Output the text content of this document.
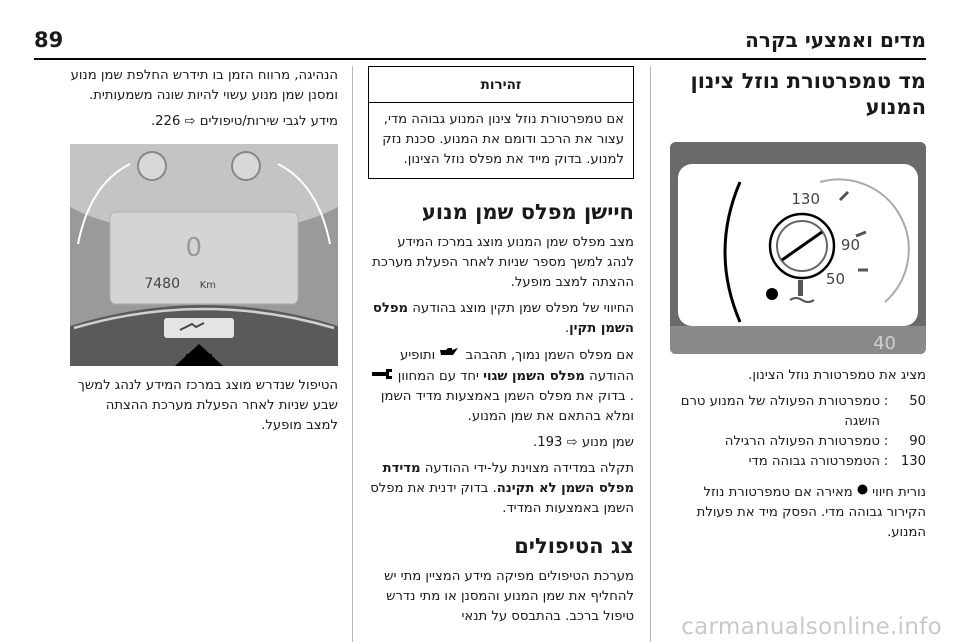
89	מדים ואמצעי בקרה
מד טמפרטורת נוזל צינון המנוע
130
90
50
40

מציג את טמפרטורת נוזל הצינון.

50
:
טמפרטורת הפעולה של המנוע טרם הושגה
90
:
טמפרטורת הפעולה הרגילה
130
:
הטמפרטורה גבוהה מדי

נורית חיווי  מאירה אם טמפרטורת נוזל הקירור גבוהה מדי. הפסק מיד את פעולת המנוע.

זהירות
אם טמפרטורת נוזל צינון המנוע גבוהה מדי, עצור את הרכב ודומם את המנוע. סכנת נזק למנוע. בדוק מייד את מפלס נוזל הצינון.
חיישן מפלס שמן מנוע

מצב מפלס שמן המנוע מוצג במרכז המידע לנהג למשך מספר שניות לאחר הפעלת מערכת ההצתה למצב מופעל.

החיווי של מפלס שמן תקין מוצג בהודעה מפלס השמן תקין.

אם מפלס השמן נמוך, תהבהב  ותופיע ההודעה מפלס השמן שגוי יחד עם המחוון . בדוק את מפלס השמן באמצעות מדיד השמן ומלא בהתאם את שמן המנוע.

שמן מנוע ⇨ 193.

תקלה במדידה מצוינת על-ידי ההודעה מדידת מפלס השמן לא תקינה. בדוק ידנית את מפלס השמן באמצעות המדיד.

צג הטיפולים

מערכת הטיפולים מפיקה מידע המציין מתי יש להחליף את שמן המנוע והמסנן או מתי נדרש טיפול ברכב. בהתבסס על תנאי

הנהיגה, מרווח הזמן בו תידרש החלפת שמן מנוע ומסנן שמן מנוע עשוי להיות שונה משמעותית.

מידע לגבי שירות/טיפולים ⇨ 226.

0
7480 Km

הטיפול שנדרש מוצג במרכז המידע לנהג למשך שבע שניות לאחר הפעלת מערכת ההצתה למצב מופעל.

carmanualsonline.info
